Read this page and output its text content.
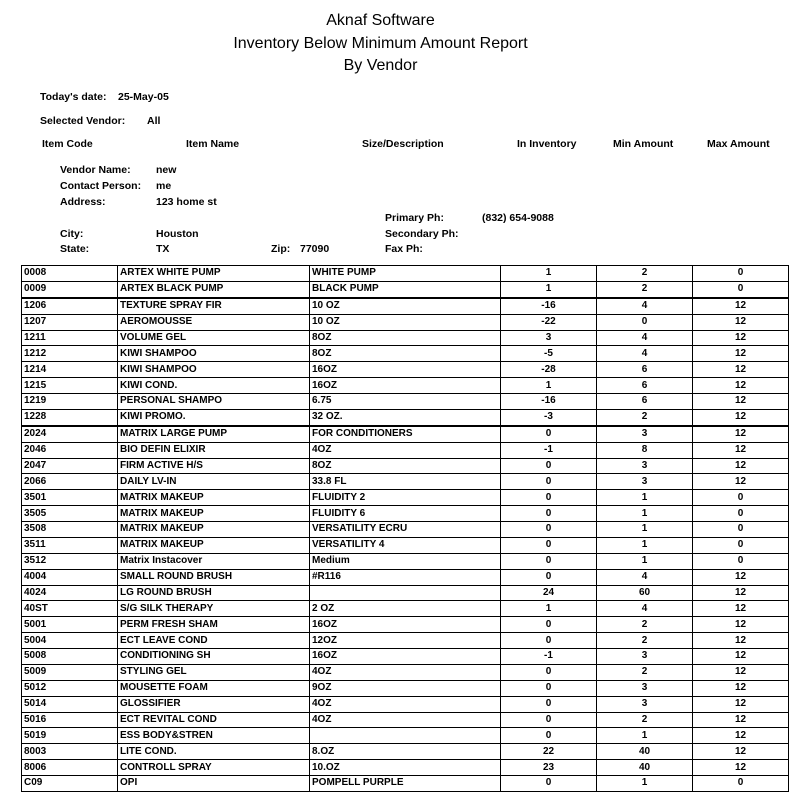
Aknaf Software
Inventory Below Minimum Amount Report
By Vendor
Today's date: 25-May-05
Selected Vendor: All
Item Code	Item Name	Size/Description	In Inventory	Min Amount	Max Amount
Vendor Name: new
Contact Person: me
Address:	123 home st
Primary Ph:	(832) 654-9088
City:	Houston	Secondary Ph:
State:	TX	Zip: 77090	Fax Ph:
0008	ARTEX WHITE PUMP	WHITE PUMP	1	2	0
0009	ARTEX BLACK PUMP	BLACK PUMP	1	2	0
1206	TEXTURE SPRAY FIR	10 OZ	-16	4	12
1207	AEROMOUSSE	10 OZ	-22	0	12
1211	VOLUME GEL	8OZ	3	4	12
1212	KIWI SHAMPOO	8OZ	-5	4	12
1214	KIWI SHAMPOO	16OZ	-28	6	12
1215	KIWI COND.	16OZ	1	6	12
1219	PERSONAL SHAMPO	6.75	-16	6	12
1228	KIWI PROMO.	32 OZ.	-3	2	12
2024	MATRIX LARGE PUMP	FOR CONDITIONERS	0	3	12
2046	BIO DEFIN ELIXIR	4OZ	-1	8	12
2047	FIRM ACTIVE H/S	8OZ	0	3	12
2066	DAILY LV-IN	33.8 FL	0	3	12
3501	MATRIX MAKEUP	FLUIDITY 2	0	1	0
3505	MATRIX MAKEUP	FLUIDITY 6	0	1	0
3508	MATRIX MAKEUP	VERSATILITY ECRU	0	1	0
3511	MATRIX MAKEUP	VERSATILITY 4	0	1	0
3512	Matrix Instacover	Medium	0	1	0
4004	SMALL ROUND BRUSH	#R116	0	4	12
4024	LG ROUND BRUSH		24	60	12
40ST	S/G SILK THERAPY	2 OZ	1	4	12
5001	PERM FRESH SHAM	16OZ	0	2	12
5004	ECT LEAVE COND	12OZ	0	2	12
5008	CONDITIONING SH	16OZ	-1	3	12
5009	STYLING GEL	4OZ	0	2	12
5012	MOUSETTE FOAM	9OZ	0	3	12
5014	GLOSSIFIER	4OZ	0	3	12
5016	ECT REVITAL COND	4OZ	0	2	12
5019	ESS BODY&STREN		0	1	12
8003	LITE COND.	8.OZ	22	40	12
8006	CONTROLL SPRAY	10.OZ	23	40	12
C09	OPI	POMPELL PURPLE	0	1	0
